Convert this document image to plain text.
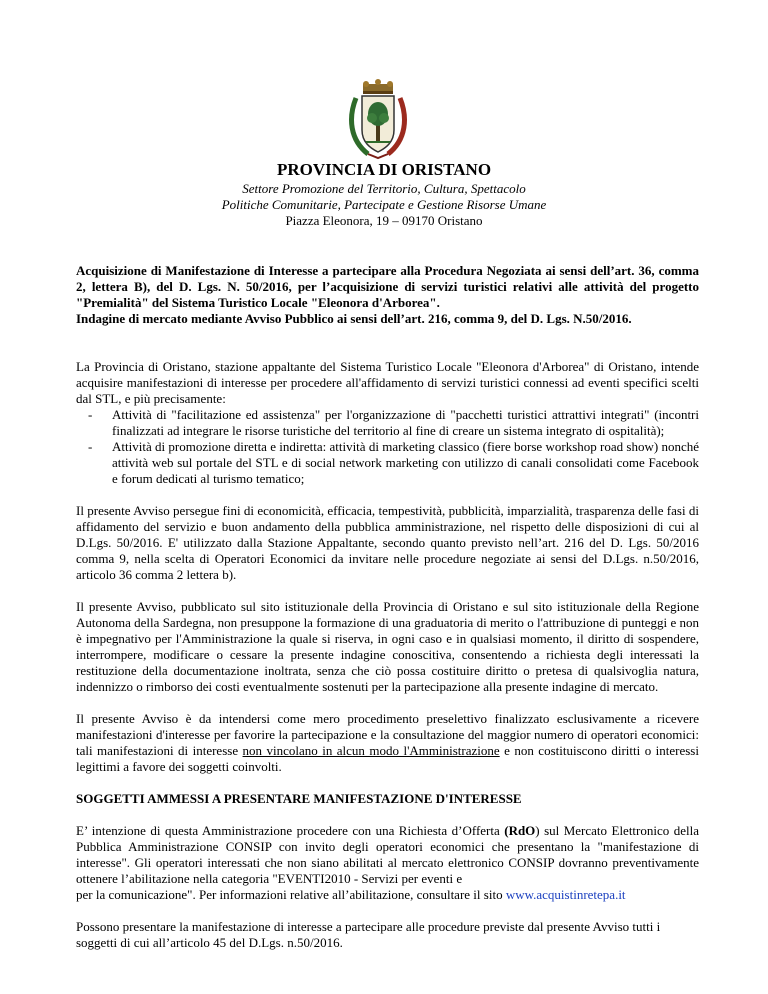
PROVINCIA DI ORISTANO
Settore Promozione del Territorio, Cultura, Spettacolo
Politiche Comunitarie, Partecipate e Gestione Risorse Umane
Piazza Eleonora, 19 – 09170 Oristano

Acquisizione di Manifestazione di Interesse a partecipare alla Procedura Negoziata ai sensi dell’art. 36, comma 2, lettera B), del D. Lgs. N. 50/2016, per l’acquisizione di servizi turistici relativi alle attività del progetto "Premialità" del Sistema Turistico Locale "Eleonora d'Arborea".

Indagine di mercato mediante Avviso Pubblico ai sensi dell’art. 216, comma 9, del D. Lgs. N.50/2016.

La Provincia di Oristano, stazione appaltante del Sistema Turistico Locale "Eleonora d'Arborea" di Oristano, intende acquisire manifestazioni di interesse per procedere all'affidamento di servizi turistici connessi ad eventi specifici scelti dal STL, e più precisamente:

- Attività di "facilitazione ed assistenza" per l'organizzazione di "pacchetti turistici attrattivi integrati" (incontri finalizzati ad integrare le risorse turistiche del territorio al fine di creare un sistema integrato di ospitalità);
- Attività di promozione diretta e indiretta: attività di marketing classico (fiere borse workshop road show) nonché attività web sul portale del STL e di social network marketing con utilizzo di canali consolidati come Facebook e forum dedicati al turismo tematico;

Il presente Avviso persegue fini di economicità, efficacia, tempestività, pubblicità, imparzialità, trasparenza delle fasi di affidamento del servizio e buon andamento della pubblica amministrazione, nel rispetto delle disposizioni di cui al D.Lgs. 50/2016. E' utilizzato dalla Stazione Appaltante, secondo quanto previsto nell’art. 216 del D. Lgs. 50/2016 comma 9, nella scelta di Operatori Economici da invitare nelle procedure negoziate ai sensi del D.Lgs. n.50/2016, articolo 36 comma 2 lettera b).

Il presente Avviso, pubblicato sul sito istituzionale della Provincia di Oristano e sul sito istituzionale della Regione Autonoma della Sardegna, non presuppone la formazione di una graduatoria di merito o l'attribuzione di punteggi e non è impegnativo per l'Amministrazione la quale si riserva, in ogni caso e in qualsiasi momento, il diritto di sospendere, interrompere, modificare o cessare la presente indagine conoscitiva, consentendo a richiesta degli interessati la restituzione della documentazione inoltrata, senza che ciò possa costituire diritto o pretesa di qualsivoglia natura, indennizzo o rimborso dei costi eventualmente sostenuti per la partecipazione alla presente indagine di mercato.

Il presente Avviso è da intendersi come mero procedimento preselettivo finalizzato esclusivamente a ricevere manifestazioni d'interesse per favorire la partecipazione e la consultazione del maggior numero di operatori economici: tali manifestazioni di interesse non vincolano in alcun modo l'Amministrazione e non costituiscono diritti o interessi legittimi a favore dei soggetti coinvolti.

SOGGETTI AMMESSI A PRESENTARE MANIFESTAZIONE D'INTERESSE

E’ intenzione di questa Amministrazione procedere con una Richiesta d’Offerta (RdO) sul Mercato Elettronico della Pubblica Amministrazione CONSIP con invito degli operatori economici che presentano la "manifestazione di interesse". Gli operatori interessati che non siano abilitati al mercato elettronico CONSIP dovranno preventivamente ottenere l’abilitazione nella categoria "EVENTI2010 - Servizi per eventi e

per la comunicazione". Per informazioni relative all’abilitazione, consultare il sito www.acquistinretepa.it

Possono presentare la manifestazione di interesse a partecipare alle procedure previste dal presente Avviso tutti i soggetti di cui all’articolo 45 del D.Lgs. n.50/2016.
